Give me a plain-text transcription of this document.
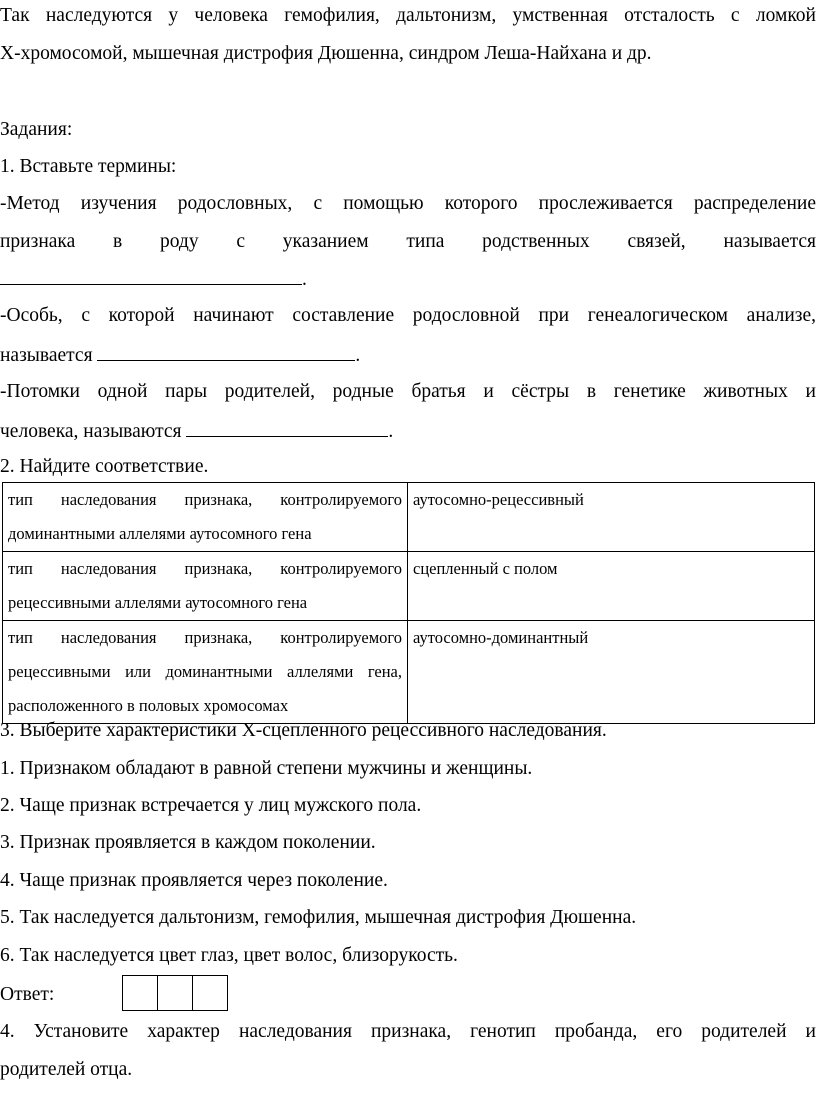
Так наследуются у человека гемофилия, дальтонизм, умственная отсталость с ломкой
Х-хромосомой, мышечная дистрофия Дюшенна, синдром Леша-Найхана и др.
Задания:
1. Вставьте термины:
-Метод изучения родословных, с помощью которого прослеживается распределение
признака в роду с указанием типа родственных связей, называется
.
-Особь, с которой начинают составление родословной при генеалогическом анализе,
называется	.
-Потомки одной пары родителей, родные братья и сёстры в генетике животных и
человека, называются	.
2. Найдите соответствие.
тип наследования признака, контролируемого доминантными аллелями аутосомного гена	аутосомно-рецессивный
тип наследования признака, контролируемого рецессивными аллелями аутосомного гена	сцепленный с полом
тип наследования признака, контролируемого рецессивными или доминантными аллелями гена, расположенного в половых хромосомах	аутосомно-доминантный
3. Выберите характеристики Х-сцепленного рецессивного наследования.
1. Признаком обладают в равной степени мужчины и женщины.
2. Чаще признак встречается у лиц мужского пола.
3. Признак проявляется в каждом поколении.
4. Чаще признак проявляется через поколение.
5. Так наследуется дальтонизм, гемофилия, мышечная дистрофия Дюшенна.
6. Так наследуется цвет глаз, цвет волос, близорукость.
Ответ:
4. Установите характер наследования признака, генотип пробанда, его родителей и
родителей отца.
